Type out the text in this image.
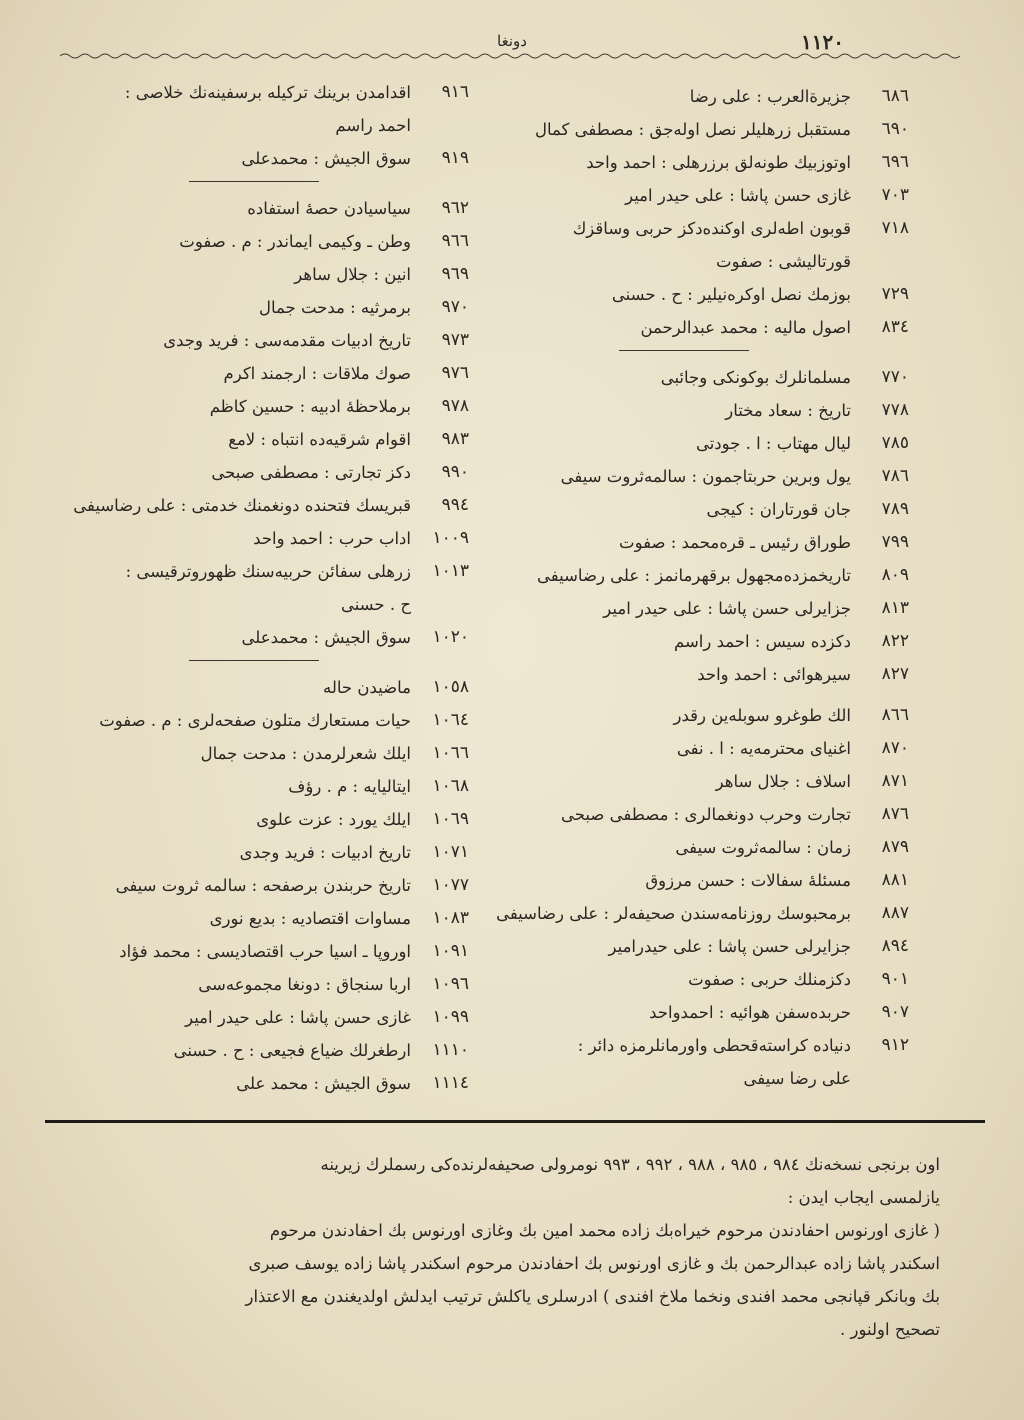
١١٢٠
دونغا
٦٨٦
جزيرةالعرب : علی رضا
٦٩٠
مستقبل زرهليلر نصل اولەجق : مصطفى كمال
٦٩٦
اوتوزبيك طونەلق برزرهلی : احمد واحد
٧٠٣
غازی حسن پاشا : علی حيدر امير
٧١٨
قوبون اطەلری اوكندەدكز حربی وساقزك
قورتاليشی : صفوت
٧٢٩
بوزمك نصل اوكرەنيلير : ح . حسنی
٨٣٤
اصول ماليه : محمد عبدالرحمن
٧٧٠
مسلمانلرك بوكونكی وجائبی
٧٧٨
تاريخ : سعاد مختار
٧٨٥
ليال مهتاب : ا . جودتی
٧٨٦
يول وبرين حربتاجمون : سالمەثروت سيفی
٧٨٩
جان قورتاران : كيجی
٧٩٩
طوراق رئيس ـ قرەمحمد : صفوت
٨٠٩
تاريخمزدەمجهول برقهرمانمز : علی رضاسيفی
٨١٣
جزايرلی حسن پاشا : علی حيدر امير
٨٢٢
دكزدە سيس : احمد راسم
٨٢٧
سيرهوائی : احمد واحد
٨٦٦
الك طوغرو سوبلەين رقدر
٨٧٠
اغنيای محترمەيه : ا . نفی
٨٧١
اسلاف : جلال ساهر
٨٧٦
تجارت وحرب دونغمالری : مصطفى صبحی
٨٧٩
زمان : سالمەثروت سيفی
٨٨١
مسئلۀ سفالات : حسن مرزوق
٨٨٧
برمحبوسك روزنامەسندن صحيفەلر : علی رضاسيفی
٨٩٤
جزايرلی حسن پاشا : علی حيدرامير
٩٠١
دكزمنلك حربی : صفوت
٩٠٧
حربدەسفن هوائيه : احمدواحد
٩١٢
دنيادە كراستەقحطی واورمانلرمزه دائر :
علی رضا سيفی
٩١٦
اقدامدن برينك تركيله برسفينەنك خلاصی :
احمد راسم
٩١٩
سوق الجيش : محمدعلی
٩٦٢
سياسيادن حصۀ استفاده
٩٦٦
وطن ـ وكيمی ايماندر : م . صفوت
٩٦٩
انين : جلال ساهر
٩٧٠
برمرثيه : مدحت جمال
٩٧٣
تاريخ ادبيات مقدمەسی : فريد وجدی
٩٧٦
صوك ملاقات : ارجمند اكرم
٩٧٨
برملاحظۀ ادبيه : حسين كاظم
٩٨٣
اقوام شرقيەدە انتباه : لامع
٩٩٠
دكز تجارتی : مصطفى صبحی
٩٩٤
قبريسك فتحندە دونغمنك خدمتی : علی رضاسيفی
١٠٠٩
اداب حرب : احمد واحد
١٠١٣
زرهلی سفائن حربيەسنك ظهوروترقيسی :
ح . حسنی
١٠٢٠
سوق الجيش : محمدعلی
١٠٥٨
ماضيدن حاله
١٠٦٤
حيات مستعارك متلون صفحەلری : م . صفوت
١٠٦٦
ايلك شعرلرمدن : مدحت جمال
١٠٦٨
ايتاليايه : م . رؤف
١٠٦٩
ايلك يورد : عزت علوی
١٠٧١
تاريخ ادبيات : فريد وجدی
١٠٧٧
تاريخ حربندن برصفحه : سالمه ثروت سيفی
١٠٨٣
مساوات اقتصاديه : بديع نوری
١٠٩١
اوروپا ـ اسيا حرب اقتصاديسی : محمد فؤاد
١٠٩٦
اربا سنجاق : دونغا مجموعەسی
١٠٩٩
غازی حسن پاشا : علی حيدر امير
١١١٠
ارطغرلك ضياع فجيعی : ح . حسنی
١١١٤
سوق الجيش : محمد علی

اون برنجی نسخەنك ٩٨٤ ، ٩٨٥ ، ٩٨٨ ، ٩٩٢ ، ٩٩٣ نومرولی صحيفەلرندەكی رسملرك زيرينه

يازلمسی ايجاب ايدن :

( غازی اورنوس احفادندن مرحوم خيراەبك زاده محمد امين بك وغازی اورنوس بك احفادندن مرحوم

اسكندر پاشا زاده عبدالرحمن بك و غازی اورنوس بك احفادندن مرحوم اسكندر پاشا زاده يوسف صبری

بك وبانكر قپانجی محمد افندی ونخما ملاخ افندی ) ادرسلری ياكلش ترتيب ايدلش اولديغندن مع الاعتذار

تصحيح اولنور .
